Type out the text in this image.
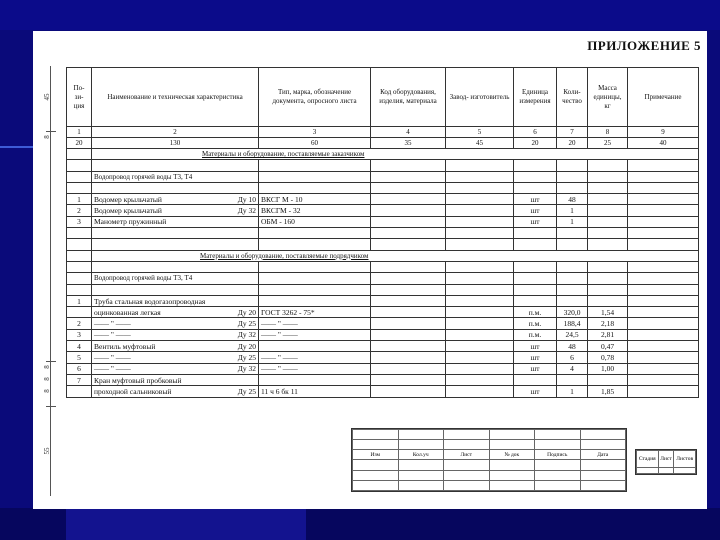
ПРИЛОЖЕНИЕ 5
45
8
8
8
8
55
По- зи- ция	Наименование и техническая характеристика	Тип, марка, обозначение документа, опросного листа	Код оборудования, изделия, материала	Завод- изготовитель	Единица измерения	Коли- чество	Масса единицы, кг	Примечание
1	2	3	4	5	6	7	8	9
20	130	60	35	45	20	20	25	40
	Материалы и оборудование, поставляемые заказчиком							

	Водопровод горячей воды Т3, Т4							

1	Водомер крыльчатый Ду 10	ВКСГ М - 10			шт	48		
2	Водомер крыльчатый Ду 32	ВКСГМ - 32			шт	1		
3	Манометр пружинный	ОБМ - 160			шт	1		

	Материалы и оборудование, поставляемые подрядчиком							

	Водопровод горячей воды Т3, Т4							

1	Труба стальная водогазопроводная							
	оцинкованная легкая Ду 20	ГОСТ 3262 - 75*			п.м.	320,0	1,54	
2	—— " —— Ду 25	—— " ——			п.м.	188,4	2,18	
3	—— " —— Ду 32	—— " ——			п.м.	24,5	2,81	
4	Вентиль муфтовый Ду 20				шт	48	0,47	
5	—— " —— Ду 25	—— " ——			шт	6	0,78	
6	—— " —— Ду 32	—— " ——			шт	4	1,00	
7	Кран муфтовый пробковый							
	проходной сальниковый Ду 25	11 ч 6 бк 11			шт	1	1,85	

Изм	Кол.уч	Лист	№ док	Подпись	Дата

Стадия	Лист	Листов
